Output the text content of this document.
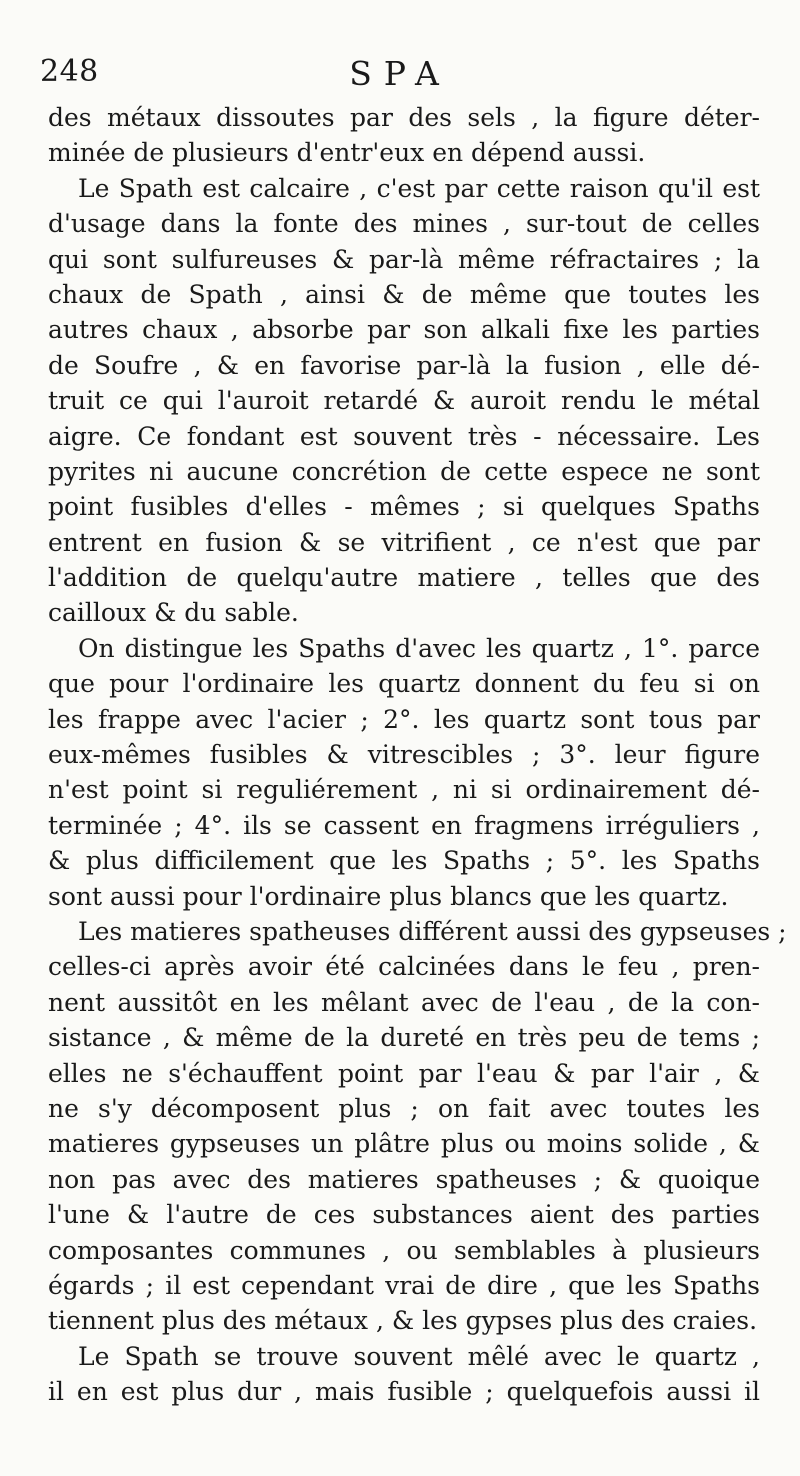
248	SPA
des métaux dissoutes par des sels , la figure déter-
minée de plusieurs d'entr'eux en dépend aussi.
Le Spath est calcaire , c'est par cette raison qu'il est
d'usage dans la fonte des mines , sur-tout de celles
qui sont sulfureuses & par-là même réfractaires ; la
chaux de Spath , ainsi & de même que toutes les
autres chaux , absorbe par son alkali fixe les parties
de Soufre , & en favorise par-là la fusion , elle dé-
truit ce qui l'auroit retardé & auroit rendu le métal
aigre. Ce fondant est souvent très - nécessaire. Les
pyrites ni aucune concrétion de cette espece ne sont
point fusibles d'elles - mêmes ; si quelques Spaths
entrent en fusion & se vitrifient , ce n'est que par
l'addition de quelqu'autre matiere , telles que des
cailloux & du sable.
On distingue les Spaths d'avec les quartz , 1°. parce
que pour l'ordinaire les quartz donnent du feu si on
les frappe avec l'acier ; 2°. les quartz sont tous par
eux-mêmes fusibles & vitrescibles ; 3°. leur figure
n'est point si reguliérement , ni si ordinairement dé-
terminée ; 4°. ils se cassent en fragmens irréguliers ,
& plus difficilement que les Spaths ; 5°. les Spaths
sont aussi pour l'ordinaire plus blancs que les quartz.
Les matieres spatheuses différent aussi des gypseuses ;
celles-ci après avoir été calcinées dans le feu , pren-
nent aussitôt en les mêlant avec de l'eau , de la con-
sistance , & même de la dureté en très peu de tems ;
elles ne s'échauffent point par l'eau & par l'air , &
ne s'y décomposent plus ; on fait avec toutes les
matieres gypseuses un plâtre plus ou moins solide , &
non pas avec des matieres spatheuses ; & quoique
l'une & l'autre de ces substances aient des parties
composantes communes , ou semblables à plusieurs
égards ; il est cependant vrai de dire , que les Spaths
tiennent plus des métaux , & les gypses plus des craies.
Le Spath se trouve souvent mêlé avec le quartz ,
il en est plus dur , mais fusible ; quelquefois aussi il
